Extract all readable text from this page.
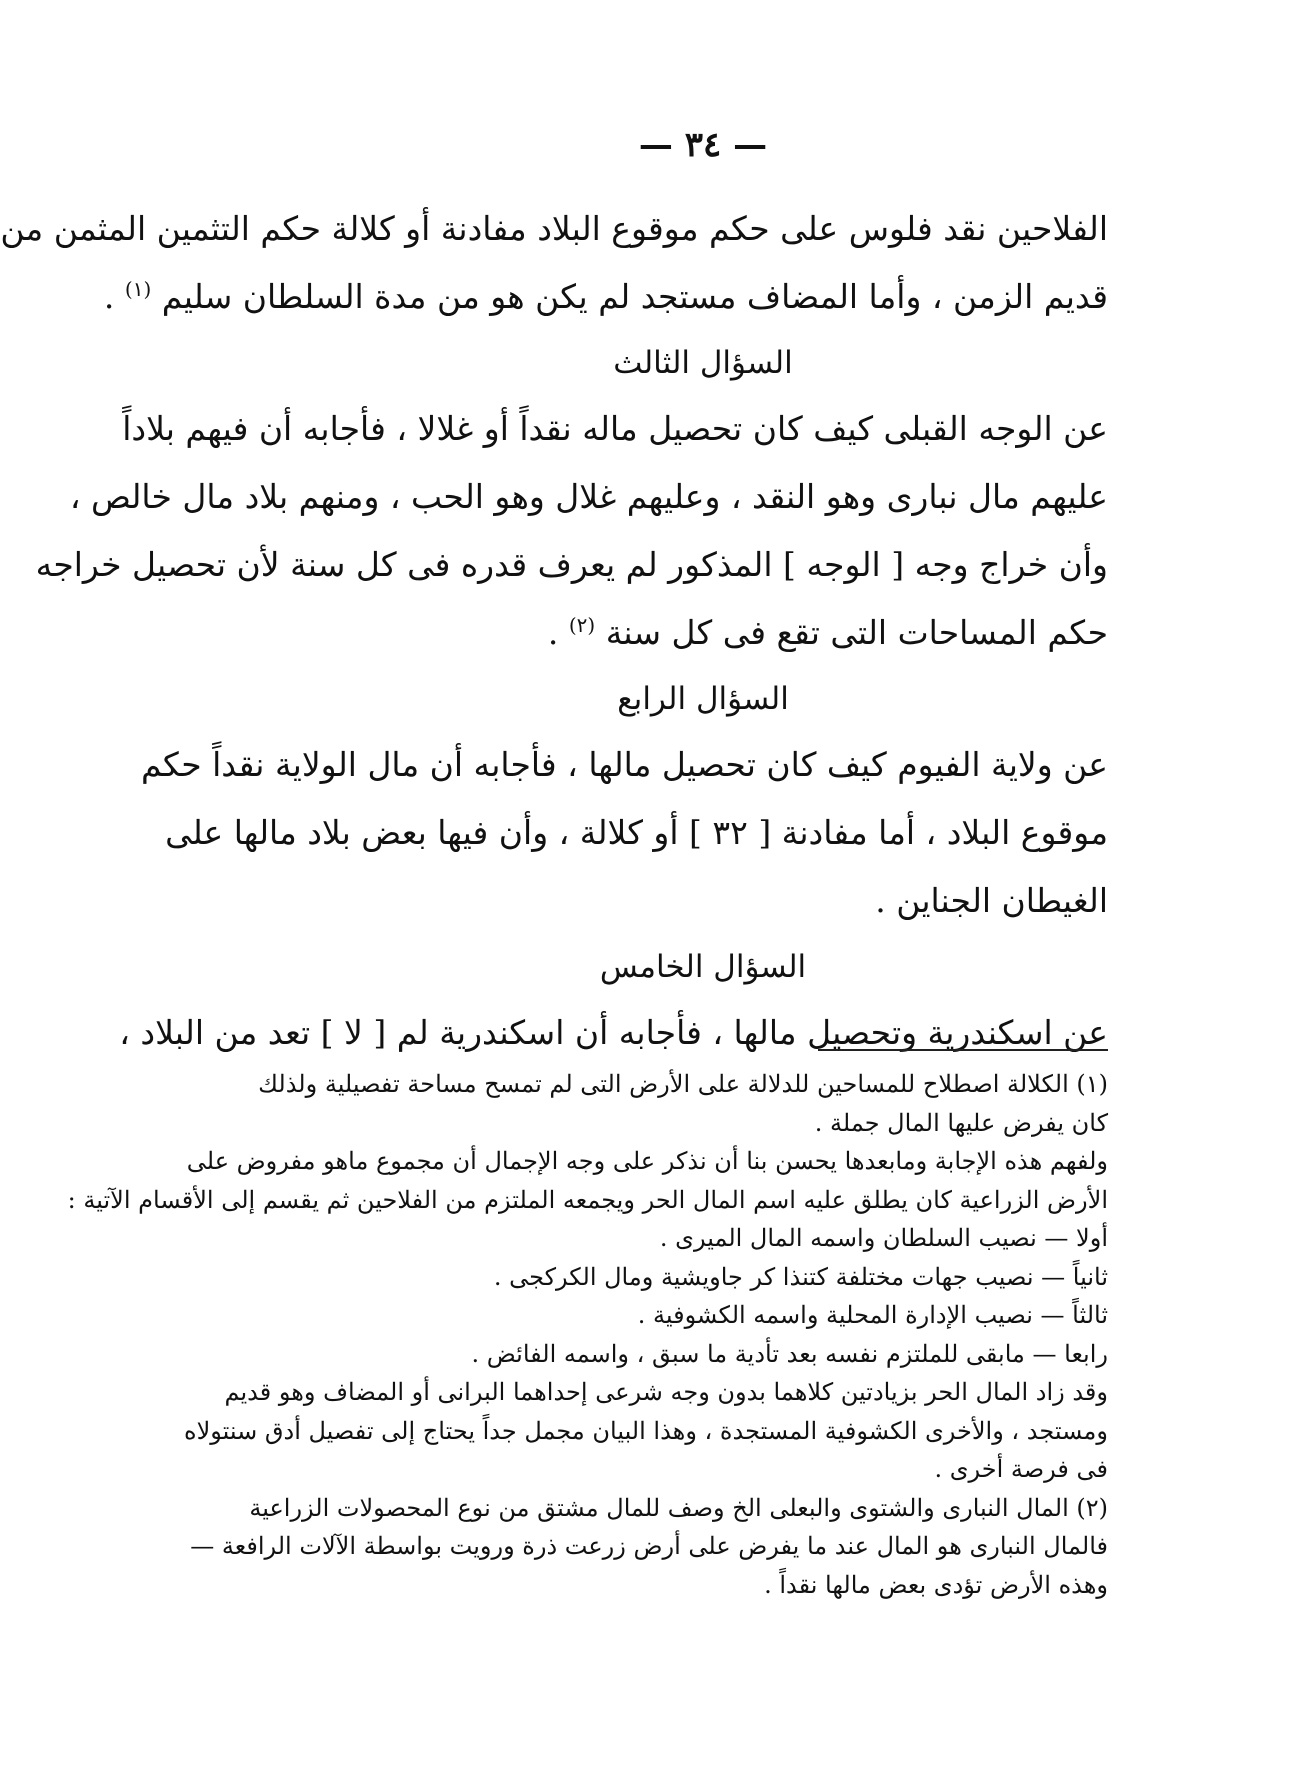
— ٣٤ —
الفلاحين نقد فلوس على حكم موقوع البلاد مفادنة أو كلالة حكم التثمين المثمن من
قديم الزمن ، وأما المضاف مستجد لم يكن هو من مدة السلطان سليم $^{(١)}$ .
السؤال الثالث
عن الوجه القبلى كيف كان تحصيل ماله نقداً أو غلالا ، فأجابه أن فيهم بلاداً
عليهم مال نبارى وهو النقد ، وعليهم غلال وهو الحب ، ومنهم بلاد مال خالص ،
وأن خراج وجه [ الوجه ] المذكور لم يعرف قدره فى كل سنة لأن تحصيل خراجه
حكم المساحات التى تقع فى كل سنة $^{(٢)}$ .
السؤال الرابع
عن ولاية الفيوم كيف كان تحصيل مالها ، فأجابه أن مال الولاية نقداً حكم
موقوع البلاد ، أما مفادنة [ ٣٢ ] أو كلالة ، وأن فيها بعض بلاد مالها على
الغيطان الجناين .
السؤال الخامس
عن اسكندرية وتحصيل مالها ، فأجابه أن اسكندرية لم [ لا ] تعد من البلاد ،
(١) الكلالة اصطلاح للمساحين للدلالة على الأرض التى لم تمسح مساحة تفصيلية ولذلك
كان يفرض عليها المال جملة .
ولفهم هذه الإجابة ومابعدها يحسن بنا أن نذكر على وجه الإجمال أن مجموع ماهو مفروض على
الأرض الزراعية كان يطلق عليه اسم المال الحر ويجمعه الملتزم من الفلاحين ثم يقسم إلى الأقسام الآتية :
أولا — نصيب السلطان واسمه المال الميرى .
ثانياً — نصيب جهات مختلفة كتنذا كر جاويشية ومال الكركجى .
ثالثاً — نصيب الإدارة المحلية واسمه الكشوفية .
رابعا — مابقى للملتزم نفسه بعد تأدية ما سبق ، واسمه الفائض .
وقد زاد المال الحر بزيادتين كلاهما بدون وجه شرعى إحداهما البرانى أو المضاف وهو قديم
ومستجد ، والأخرى الكشوفية المستجدة ، وهذا البيان مجمل جداً يحتاج إلى تفصيل أدق سنتولاه
فى فرصة أخرى .
(٢) المال النبارى والشتوى والبعلى الخ وصف للمال مشتق من نوع المحصولات الزراعية
فالمال النبارى هو المال عند ما يفرض على أرض زرعت ذرة ورويت بواسطة الآلات الرافعة —
وهذه الأرض تؤدى بعض مالها نقداً .
